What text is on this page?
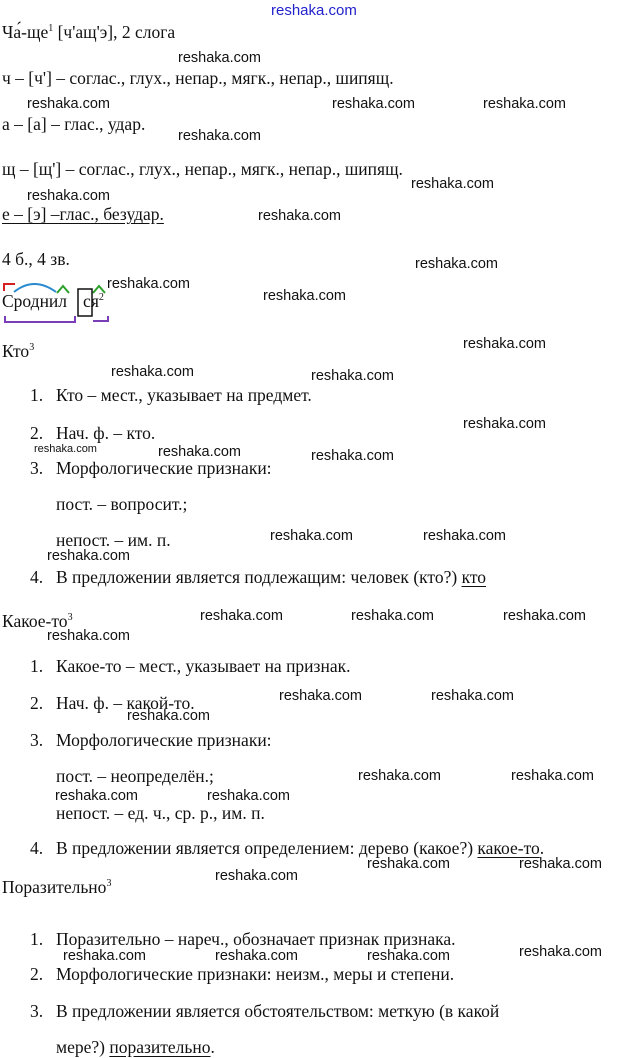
reshaka.com
$Ча́-ще^1$ [ч'ащ'э], 2 слога
ч – [ч'] – соглас., глух., непар., мягк., непар., шипящ.
а – [а] – глас., удар.
щ – [щ'] – соглас., глух., непар., мягк., непар., шипящ.
е – [э] –глас., безудар.
4 б., 4 зв.
Сроднил $ся^2$
Кто$^3$
1. Кто – мест., указывает на предмет.
2. Нач. ф. – кто.
3. Морфологические признаки:
пост. – вопросит.;
непост. – им. п.
4. В предложении является подлежащим: человек (кто?) кто
Какое-$то^3$
1. Какое-то – мест., указывает на признак.
2. Нач. ф. – какой-то.
3. Морфологические признаки:
пост. – неопределён.;
непост. – ед. ч., ср. р., им. п.
4. В предложении является определением: дерево (какое?) какое-то.
Поразительно$^3$
1. Поразительно – нареч., обозначает признак признака.
2. Морфологические признаки: неизм., меры и степени.
3. В предложении является обстоятельством: меткую (в какой
мере?) поразительно.
reshaka.com
reshaka.com	reshaka.com	reshaka.com
reshaka.com
reshaka.com
reshaka.com
reshaka.com
reshaka.com
reshaka.com
reshaka.com
reshaka.com
reshaka.com	reshaka.com
reshaka.com
reshaka.com	reshaka.com	reshaka.com
reshaka.com	reshaka.com
reshaka.com
reshaka.com	reshaka.com	reshaka.com
reshaka.com
reshaka.com	reshaka.com
reshaka.com
reshaka.com	reshaka.com
reshaka.com	reshaka.com
reshaka.com	reshaka.com
reshaka.com
reshaka.com
reshaka.com	reshaka.com	reshaka.com
